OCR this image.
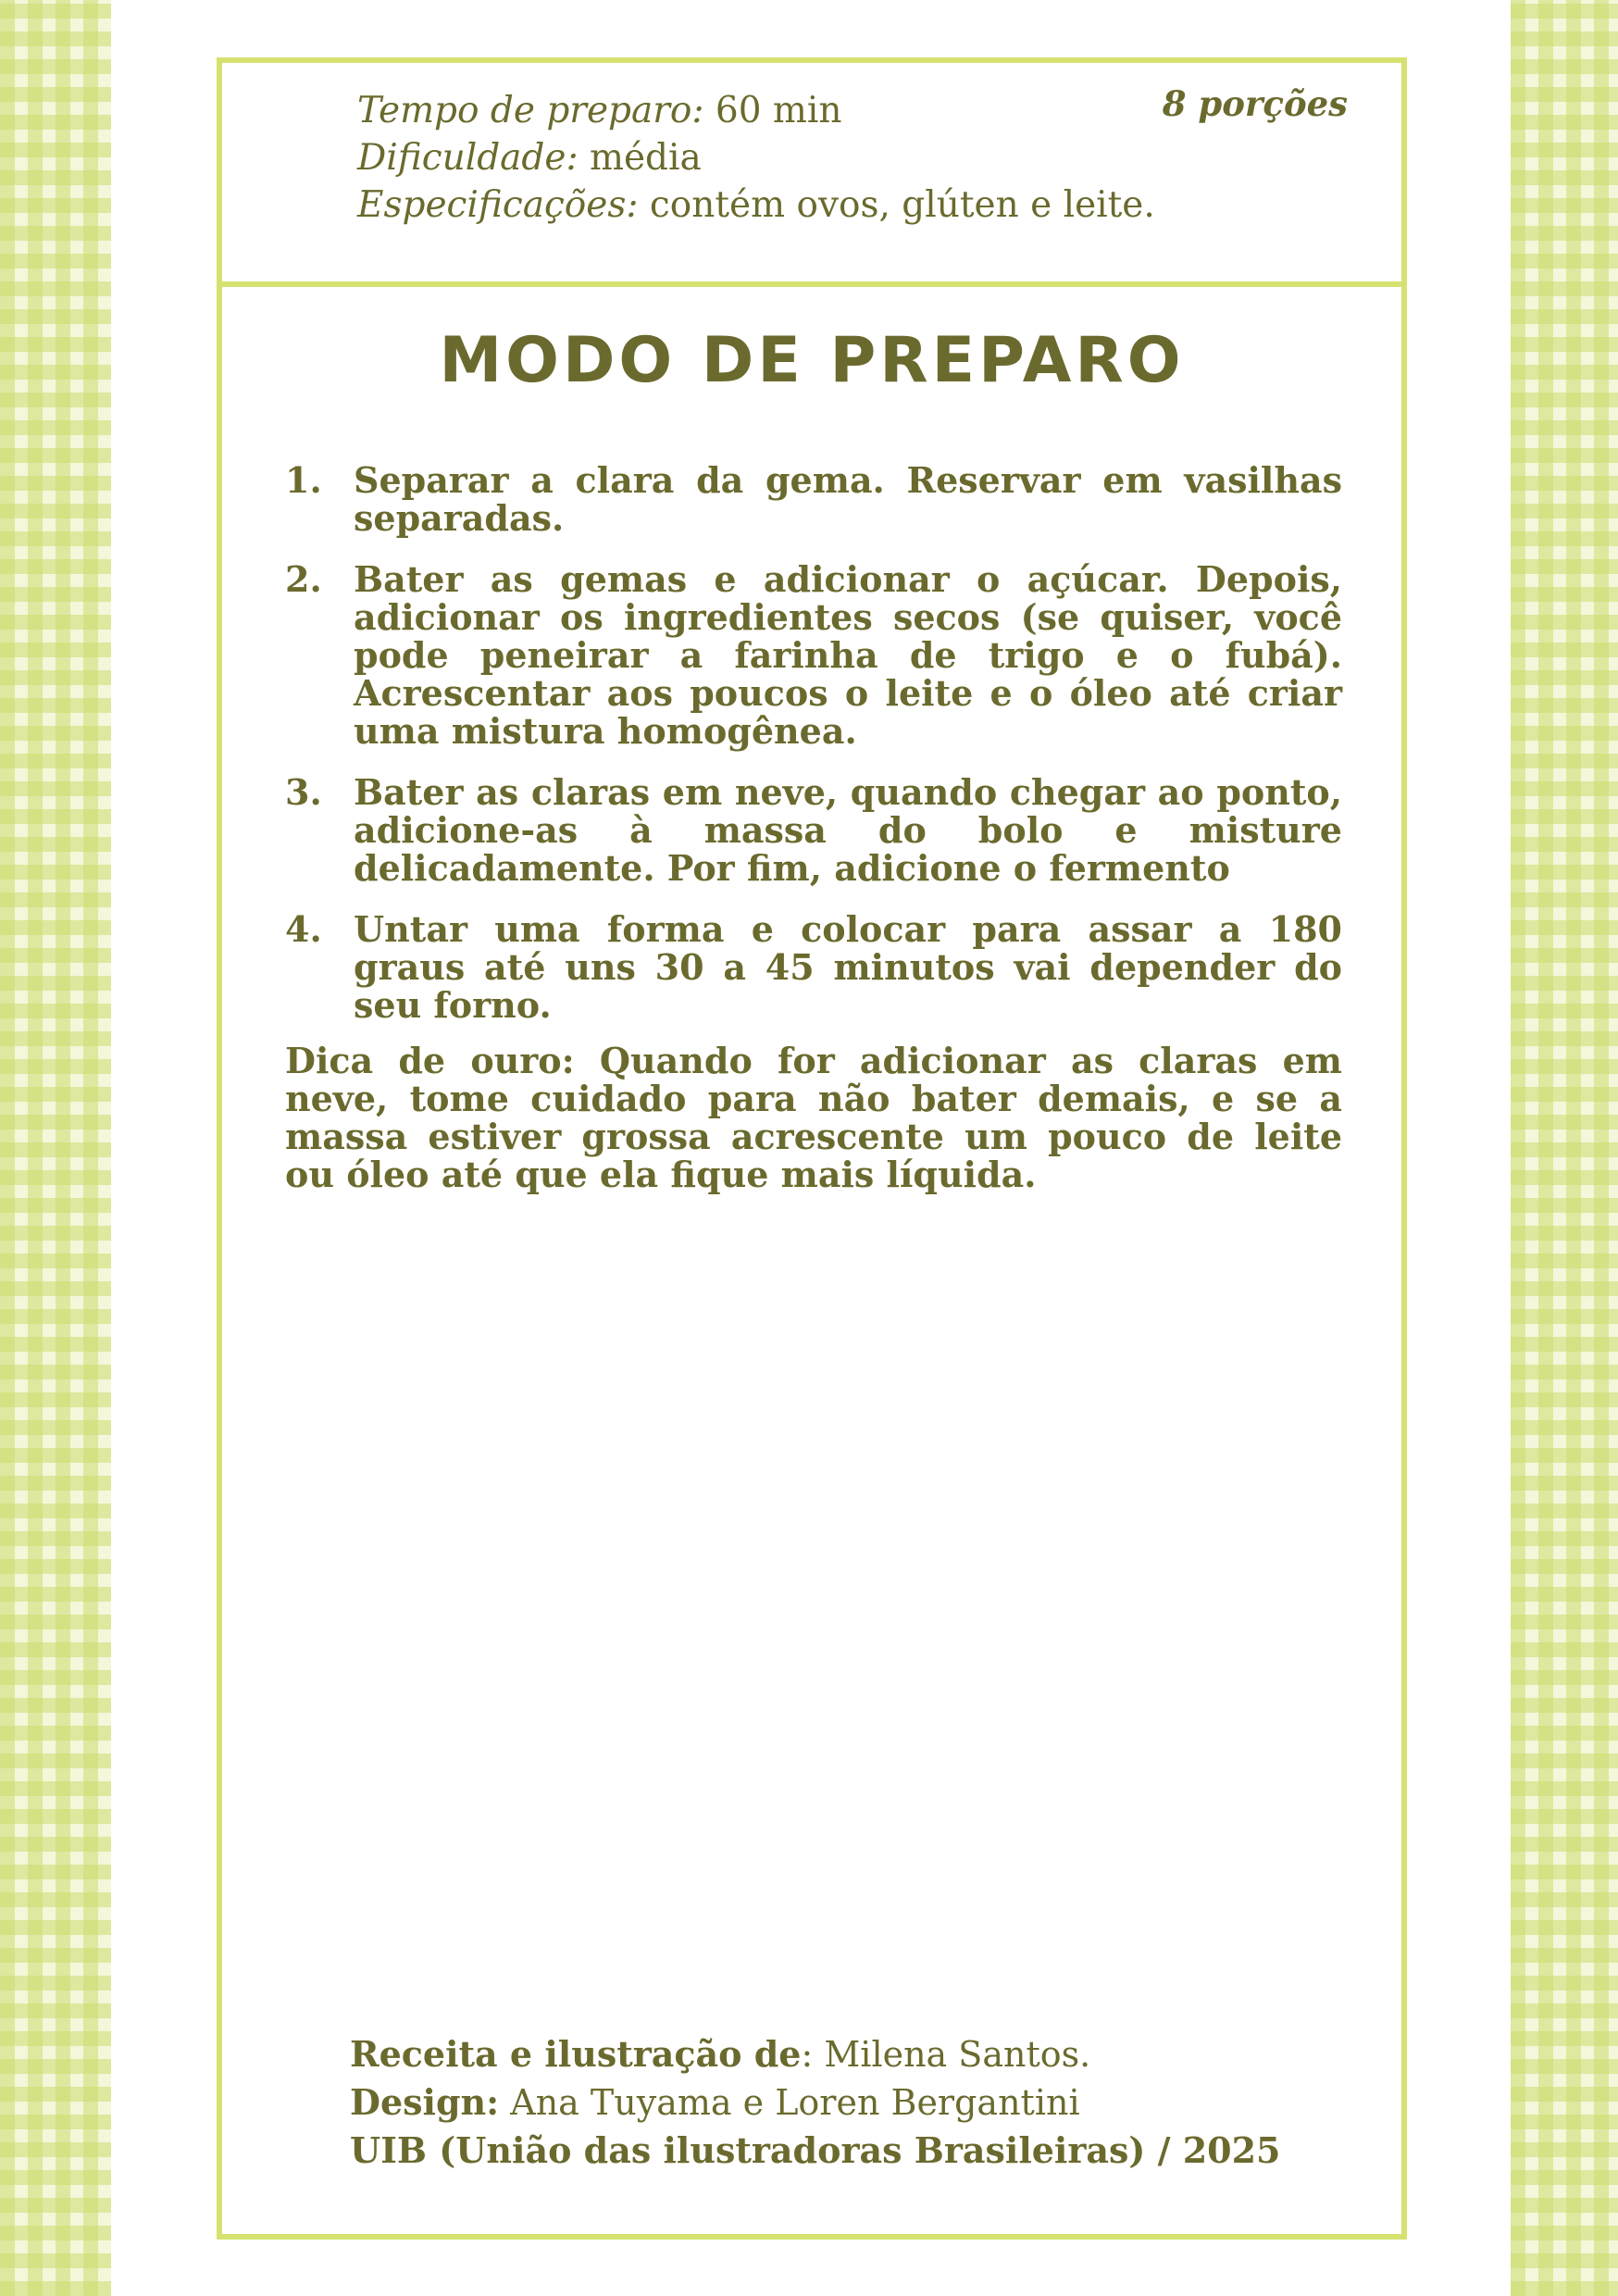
Tempo de preparo: 60 min
Dificuldade: média
Especificações: contém ovos, glúten e leite.
8 porções
MODO DE PREPARO
1. Separar a clara da gema. Reservar em vasilhas separadas.
2. Bater as gemas e adicionar o açúcar. Depois, adicionar os ingredientes secos (se quiser, você pode peneirar a farinha de trigo e o fubá). Acrescentar aos poucos o leite e o óleo até criar uma mistura homogênea.
3. Bater as claras em neve, quando chegar ao ponto, adicione-as à massa do bolo e misture delicadamente. Por fim, adicione o fermento
4. Untar uma forma e colocar para assar a 180 graus até uns 30 a 45 minutos vai depender do seu forno.
Dica de ouro: Quando for adicionar as claras em neve, tome cuidado para não bater demais, e se a massa estiver grossa acrescente um pouco de leite ou óleo até que ela fique mais líquida.
Receita e ilustração de: Milena Santos.
Design: Ana Tuyama e Loren Bergantini
UIB (União das ilustradoras Brasileiras) / 2025
